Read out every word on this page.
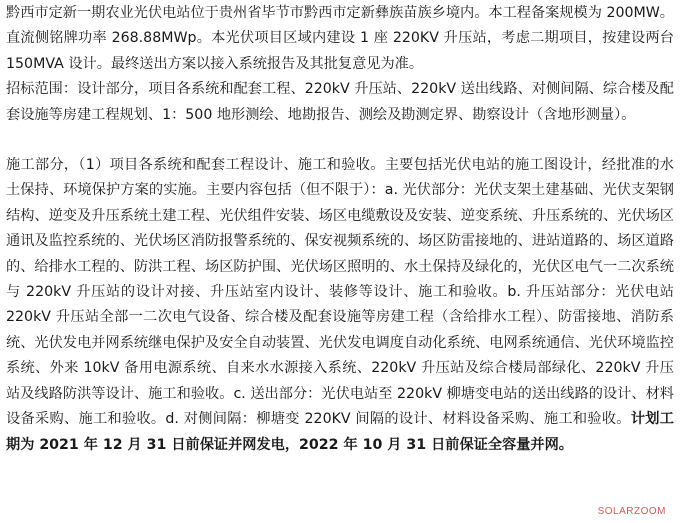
黔西市定新一期农业光伏电站位于贵州省毕节市黔西市定新彝族苗族乡境内。本工程备案规模为 200MW。直流侧铭牌功率 268.88MWp。本光伏项目区域内建设 1 座 220KV 升压站，考虑二期项目，按建设两台 150MVA 设计。最终送出方案以接入系统报告及其批复意见为准。

招标范围：设计部分，项目各系统和配套工程、220kV 升压站、220kV 送出线路、对侧间隔、综合楼及配套设施等房建工程规划、1：500 地形测绘、地勘报告、测绘及勘测定界、勘察设计（含地形测量）。

施工部分，（1）项目各系统和配套工程设计、施工和验收。主要包括光伏电站的施工图设计，经批准的水土保持、环境保护方案的实施。主要内容包括（但不限于）：a. 光伏部分：光伏支架土建基础、光伏支架钢结构、逆变及升压系统土建工程、光伏组件安装、场区电缆敷设及安装、逆变系统、升压系统的、光伏场区通讯及监控系统的、光伏场区消防报警系统的、保安视频系统的、场区防雷接地的、进站道路的、场区道路的、给排水工程的、防洪工程、场区防护围、光伏场区照明的、水土保持及绿化的，光伏区电气一二次系统与 220kV 升压站的设计对接、升压站室内设计、装修等设计、施工和验收。b. 升压站部分：光伏电站 220kV 升压站全部一二次电气设备、综合楼及配套设施等房建工程（含给排水工程）、防雷接地、消防系统、光伏发电并网系统继电保护及安全自动装置、光伏发电调度自动化系统、电网系统通信、光伏环境监控系统、外来 10kV 备用电源系统、自来水水源接入系统、220kV 升压站及综合楼局部绿化、220kV 升压站及线路防洪等设计、施工和验收。c. 送出部分：光伏电站至 220kV 柳塘变电站的送出线路的设计、材料设备采购、施工和验收。d. 对侧间隔：柳塘变 220KV 间隔的设计、材料设备采购、施工和验收。计划工期为 2021 年 12 月 31 日前保证并网发电，2022 年 10 月 31 日前保证全容量并网。

SOLARZOOM
